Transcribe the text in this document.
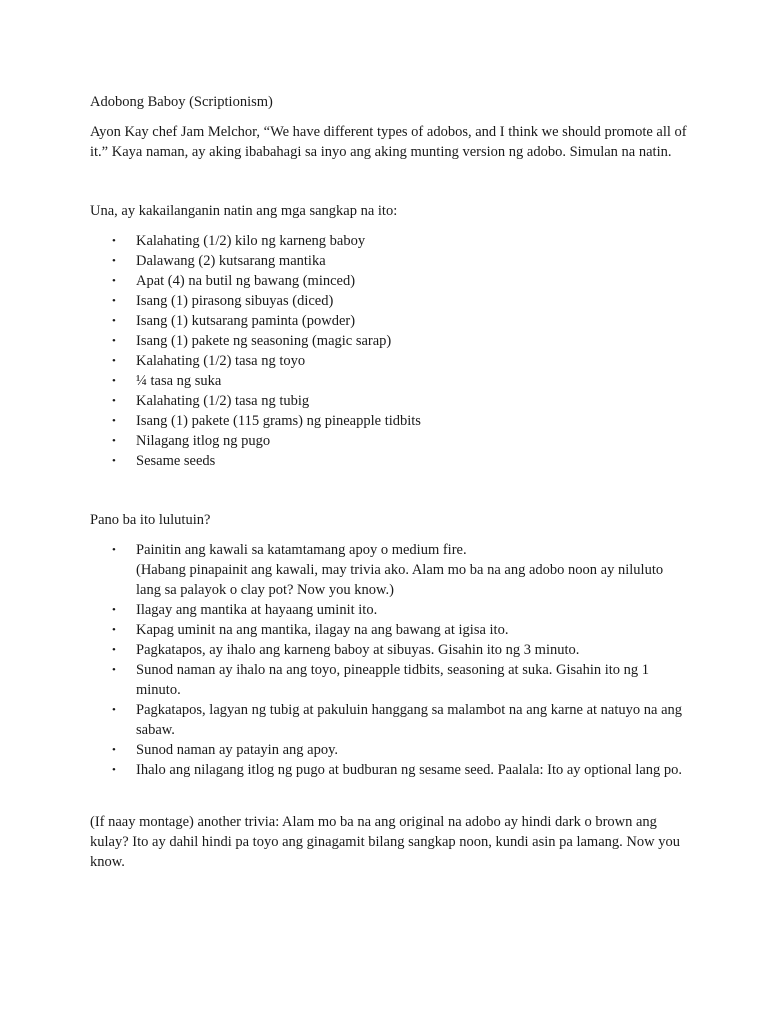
Adobong Baboy (Scriptionism)

Ayon Kay chef Jam Melchor, “We have different types of adobos, and I think we should promote all of it.” Kaya naman, ay aking ibabahagi sa inyo ang aking munting version ng adobo. Simulan na natin.

Una, ay kakailanganin natin ang mga sangkap na ito:

• Kalahating (1/2) kilo ng karneng baboy
• Dalawang (2) kutsarang mantika
• Apat (4) na butil ng bawang (minced)
• Isang (1) pirasong sibuyas (diced)
• Isang (1) kutsarang paminta (powder)
• Isang (1) pakete ng seasoning (magic sarap)
• Kalahating (1/2) tasa ng toyo
• ¼ tasa ng suka
• Kalahating (1/2) tasa ng tubig
• Isang (1) pakete (115 grams) ng pineapple tidbits
• Nilagang itlog ng pugo
• Sesame seeds

Pano ba ito lulutuin?

• Painitin ang kawali sa katamtamang apoy o medium fire.
(Habang pinapainit ang kawali, may trivia ako. Alam mo ba na ang adobo noon ay niluluto lang sa palayok o clay pot? Now you know.)
• Ilagay ang mantika at hayaang uminit ito.
• Kapag uminit na ang mantika, ilagay na ang bawang at igisa ito.
• Pagkatapos, ay ihalo ang karneng baboy at sibuyas. Gisahin ito ng 3 minuto.
• Sunod naman ay ihalo na ang toyo, pineapple tidbits, seasoning at suka. Gisahin ito ng 1 minuto.
• Pagkatapos, lagyan ng tubig at pakuluin hanggang sa malambot na ang karne at natuyo na ang sabaw.
• Sunod naman ay patayin ang apoy.
• Ihalo ang nilagang itlog ng pugo at budburan ng sesame seed. Paalala: Ito ay optional lang po.

(If naay montage) another trivia: Alam mo ba na ang original na adobo ay hindi dark o brown ang kulay? Ito ay dahil hindi pa toyo ang ginagamit bilang sangkap noon, kundi asin pa lamang. Now you know.
